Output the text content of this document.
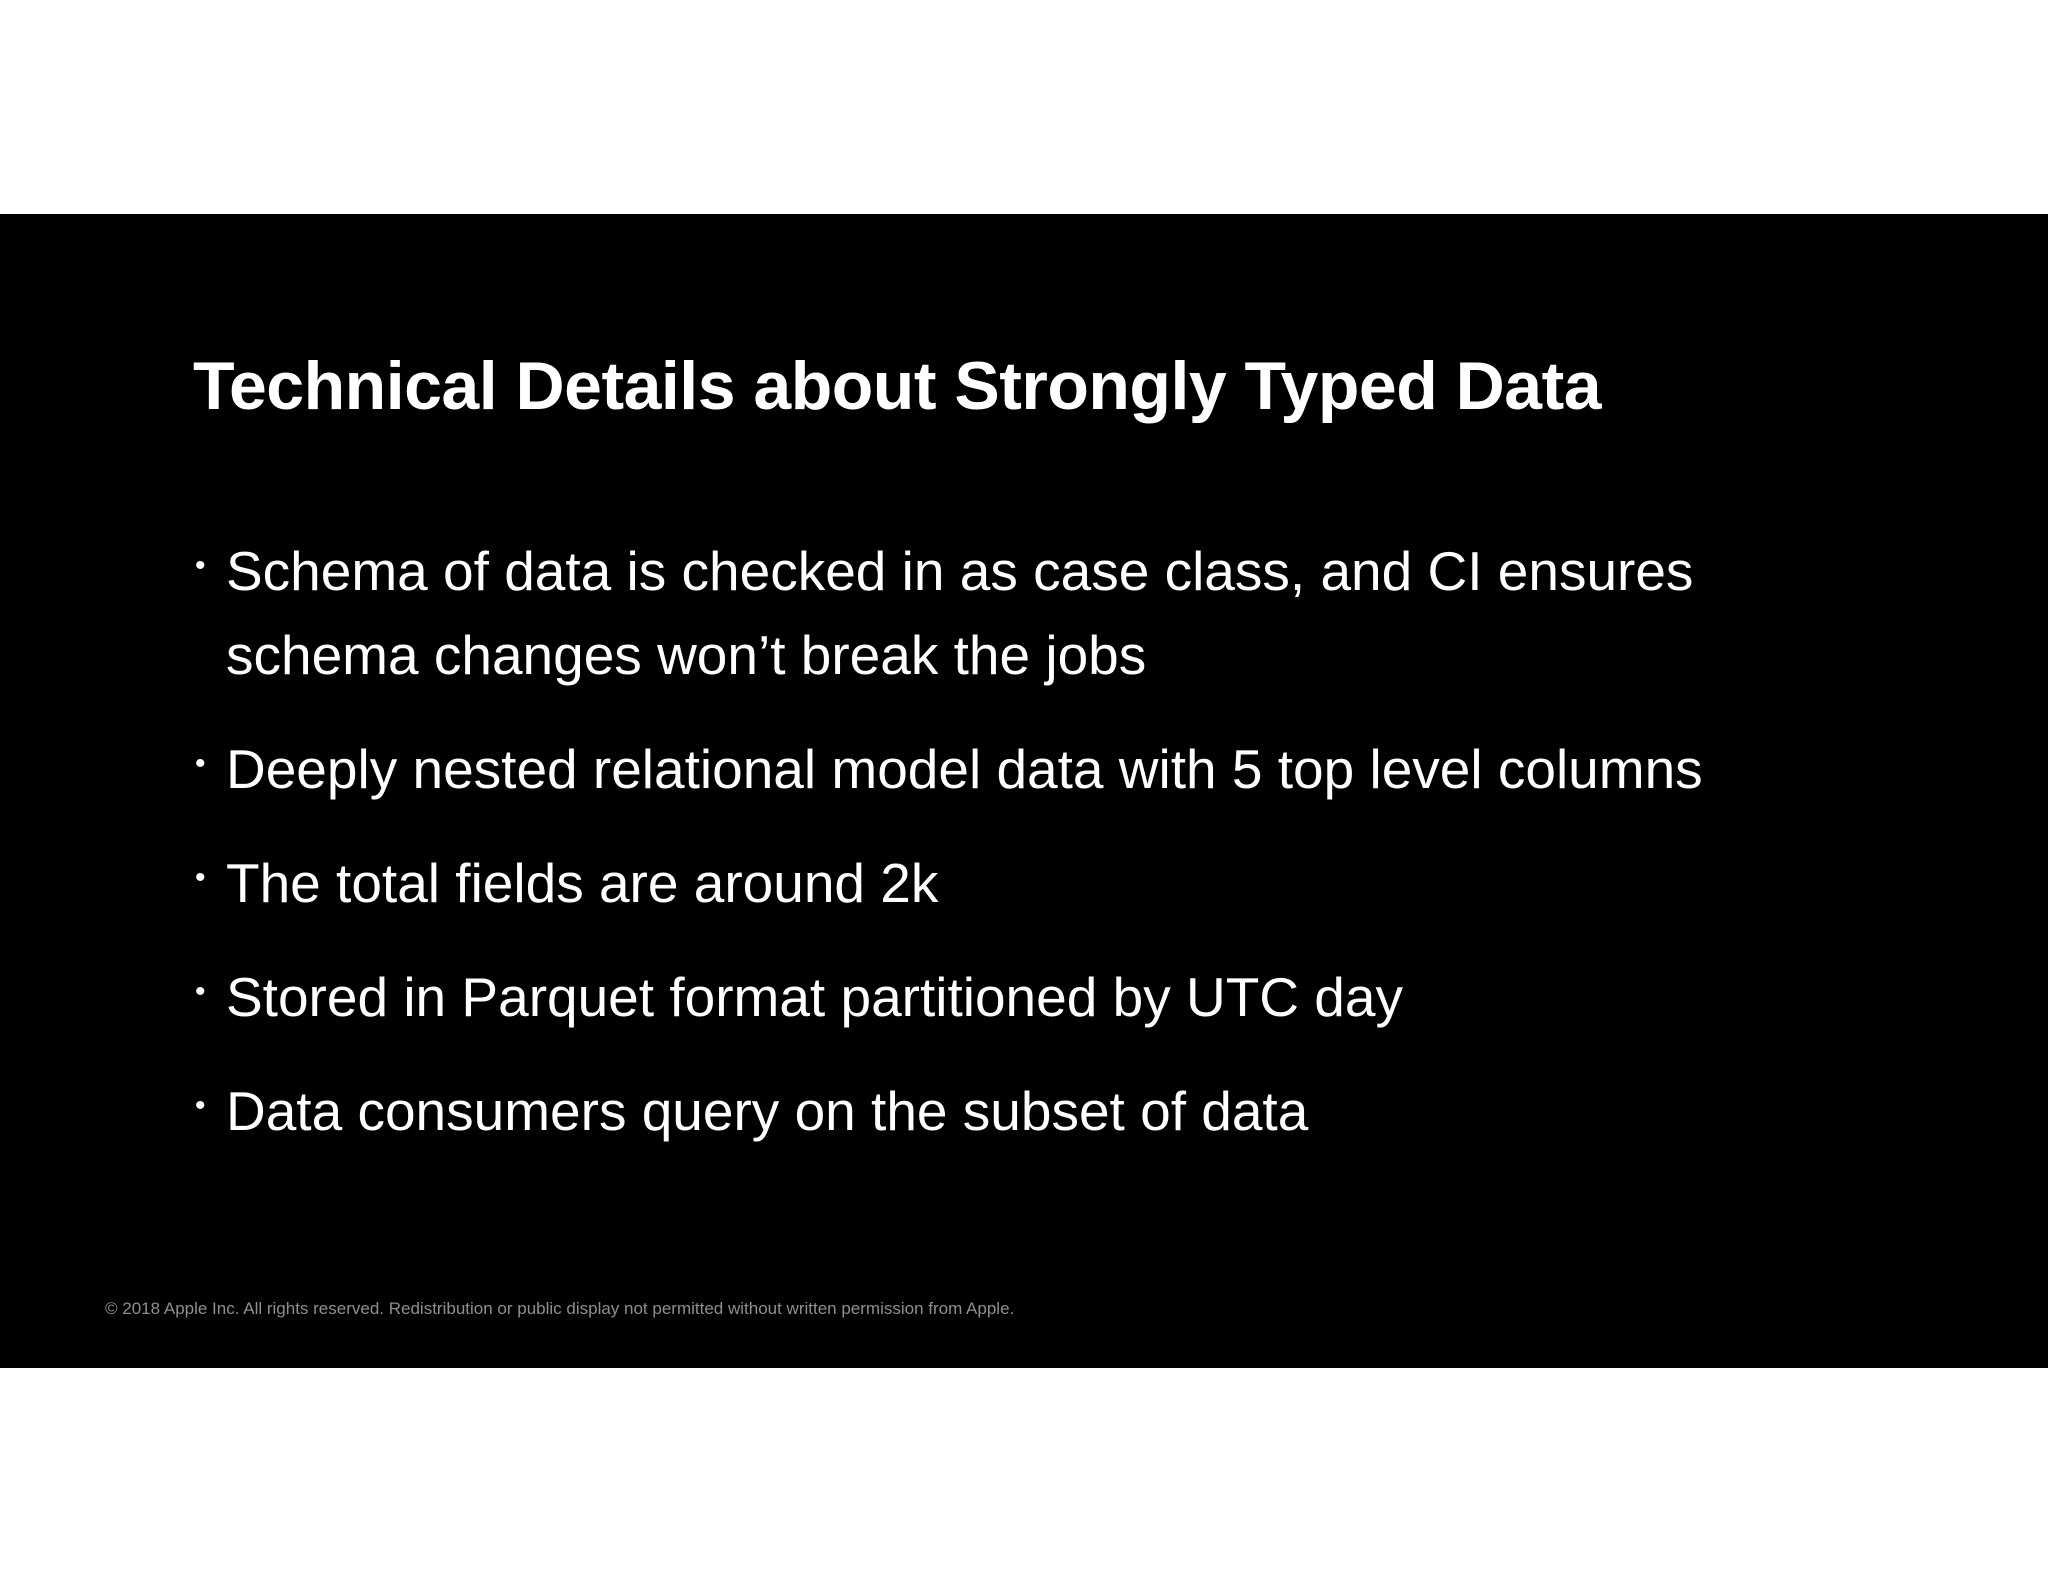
Technical Details about Strongly Typed Data
• Schema of data is checked in as case class, and CI ensures schema changes won’t break the jobs
• Deeply nested relational model data with 5 top level columns
• The total fields are around 2k
• Stored in Parquet format partitioned by UTC day
• Data consumers query on the subset of data

© 2018 Apple Inc. All rights reserved. Redistribution or public display not permitted without written permission from Apple.
